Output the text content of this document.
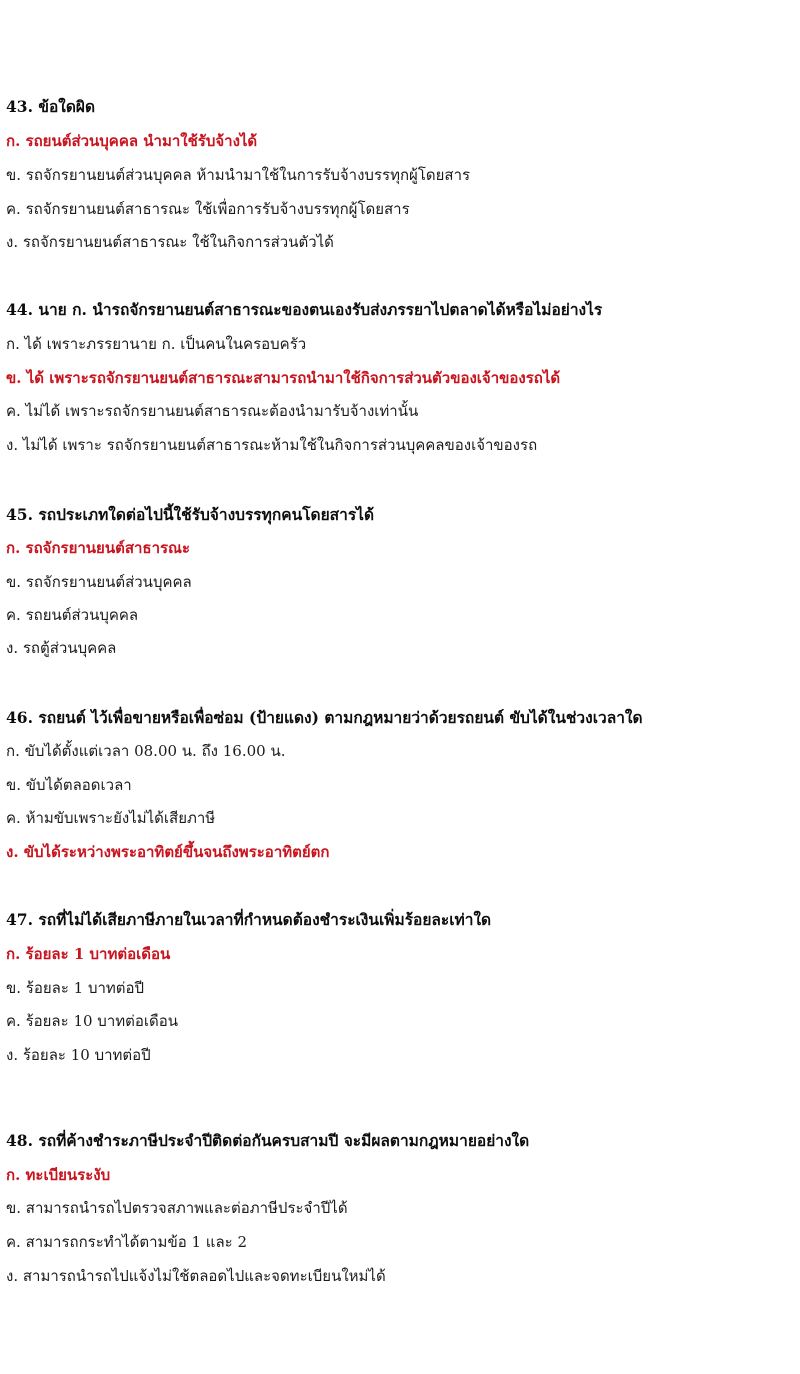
43. ข้อใดผิด
ก. รถยนต์ส่วนบุคคล นำมาใช้รับจ้างได้
ข. รถจักรยานยนต์ส่วนบุคคล ห้ามนำมาใช้ในการรับจ้างบรรทุกผู้โดยสาร
ค. รถจักรยานยนต์สาธารณะ ใช้เพื่อการรับจ้างบรรทุกผู้โดยสาร
ง. รถจักรยานยนต์สาธารณะ ใช้ในกิจการส่วนตัวได้
44. นาย ก. นำรถจักรยานยนต์สาธารณะของตนเองรับส่งภรรยาไปตลาดได้หรือไม่อย่างไร
ก. ได้ เพราะภรรยานาย ก. เป็นคนในครอบครัว
ข. ได้ เพราะรถจักรยานยนต์สาธารณะสามารถนำมาใช้กิจการส่วนตัวของเจ้าของรถได้
ค. ไม่ได้ เพราะรถจักรยานยนต์สาธารณะต้องนำมารับจ้างเท่านั้น
ง. ไม่ได้ เพราะ รถจักรยานยนต์สาธารณะห้ามใช้ในกิจการส่วนบุคคลของเจ้าของรถ
45. รถประเภทใดต่อไปนี้ใช้รับจ้างบรรทุกคนโดยสารได้
ก. รถจักรยานยนต์สาธารณะ
ข. รถจักรยานยนต์ส่วนบุคคล
ค. รถยนต์ส่วนบุคคล
ง. รถตู้ส่วนบุคคล
46. รถยนต์ ไว้เพื่อขายหรือเพื่อซ่อม (ป้ายแดง) ตามกฎหมายว่าด้วยรถยนต์ ขับได้ในช่วงเวลาใด
ก. ขับได้ตั้งแต่เวลา 08.00 น. ถึง 16.00 น.
ข. ขับได้ตลอดเวลา
ค. ห้ามขับเพราะยังไม่ได้เสียภาษี
ง. ขับได้ระหว่างพระอาทิตย์ขึ้นจนถึงพระอาทิตย์ตก
47. รถที่ไม่ได้เสียภาษีภายในเวลาที่กำหนดต้องชำระเงินเพิ่มร้อยละเท่าใด
ก. ร้อยละ 1 บาทต่อเดือน
ข. ร้อยละ 1 บาทต่อปี
ค. ร้อยละ 10 บาทต่อเดือน
ง. ร้อยละ 10 บาทต่อปี
48. รถที่ค้างชำระภาษีประจำปีติดต่อกันครบสามปี จะมีผลตามกฎหมายอย่างใด
ก. ทะเบียนระงับ
ข. สามารถนำรถไปตรวจสภาพและต่อภาษีประจำปีได้
ค. สามารถกระทำได้ตามข้อ 1 และ 2
ง. สามารถนำรถไปแจ้งไม่ใช้ตลอดไปและจดทะเบียนใหม่ได้
